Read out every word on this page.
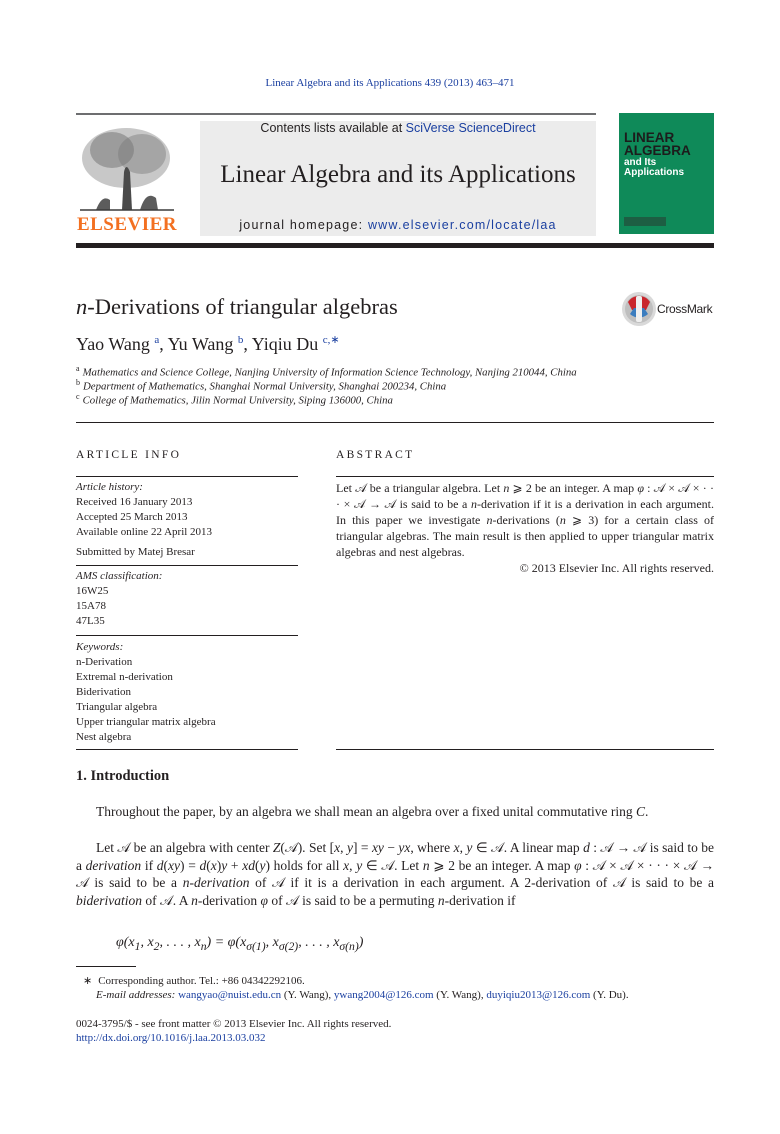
Linear Algebra and its Applications 439 (2013) 463–471
ELSEVIER
Contents lists available at SciVerse ScienceDirect
Linear Algebra and its Applications
journal homepage: www.elsevier.com/locate/laa
LINEAR
ALGEBRA
and Its
Applications
n-Derivations of triangular algebras	CrossMark
Yao Wang $^a$, Yu Wang $^b$, Yiqiu Du $^{c,∗}$
$^a$ Mathematics and Science College, Nanjing University of Information Science Technology, Nanjing 210044, China
$^b$ Department of Mathematics, Shanghai Normal University, Shanghai 200234, China
$^c$ College of Mathematics, Jilin Normal University, Siping 136000, China
ARTICLE INFO
Article history:
Received 16 January 2013
Accepted 25 March 2013
Available online 22 April 2013
Submitted by Matej Bresar
AMS classification:
16W25
15A78
47L35
Keywords:
n-Derivation
Extremal n-derivation
Biderivation
Triangular algebra
Upper triangular matrix algebra
Nest algebra
ABSTRACT
Let 𝒜 be a triangular algebra. Let n ⩾ 2 be an integer. A map φ : 𝒜 × 𝒜 × · · · × 𝒜 → 𝒜 is said to be a n-derivation if it is a derivation in each argument. In this paper we investigate n-derivations (n ⩾ 3) for a certain class of triangular algebras. The main result is then applied to upper triangular matrix algebras and nest algebras.
© 2013 Elsevier Inc. All rights reserved.
1. Introduction
Throughout the paper, by an algebra we shall mean an algebra over a fixed unital commutative ring C.
Let 𝒜 be an algebra with center Z(𝒜). Set [x, y] = xy − yx, where x, y ∈ 𝒜. A linear map d : 𝒜 → 𝒜 is said to be a derivation if d(xy) = d(x)y + xd(y) holds for all x, y ∈ 𝒜. Let n ⩾ 2 be an integer. A map φ : 𝒜 × 𝒜 × · · · × 𝒜 → 𝒜 is said to be a n-derivation of 𝒜 if it is a derivation in each argument. A 2-derivation of 𝒜 is said to be a biderivation of 𝒜. A n-derivation φ of 𝒜 is said to be a permuting n-derivation if
$\varphi(x_1$, $x_2$, . . . , $x_n) = \varphi(x_{\sigma(1)}$, $x_{\sigma(2)}$, . . . , $x_{\sigma(n)}$)
∗ Corresponding author. Tel.: +86 04342292106.
E-mail addresses: wangyao@nuist.edu.cn (Y. Wang), ywang2004@126.com (Y. Wang), duyiqiu2013@126.com (Y. Du).
0024-3795/$ - see front matter © 2013 Elsevier Inc. All rights reserved.
http://dx.doi.org/10.1016/j.laa.2013.03.032
